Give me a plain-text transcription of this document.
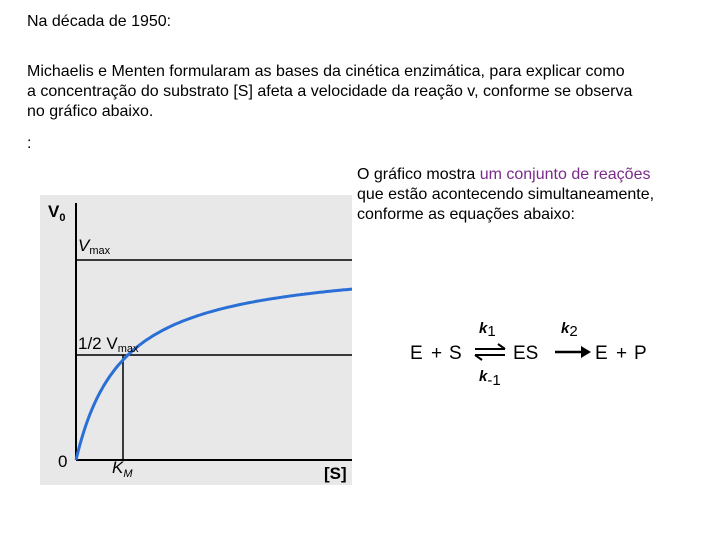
Na década de 1950:
Michaelis e Menten formularam as bases da cinética enzimática, para explicar como
a concentração do substrato [S] afeta a velocidade da reação v, conforme se observa
no gráfico abaixo.
:
O gráfico mostra um conjunto de reações
que estão acontecendo simultaneamente,
conforme as equações abaixo:
$V_0$
Vmax
1/2 Vmax
0	$K_M$	[S]
E + S	ES	E + P
k1
k-1
k2
